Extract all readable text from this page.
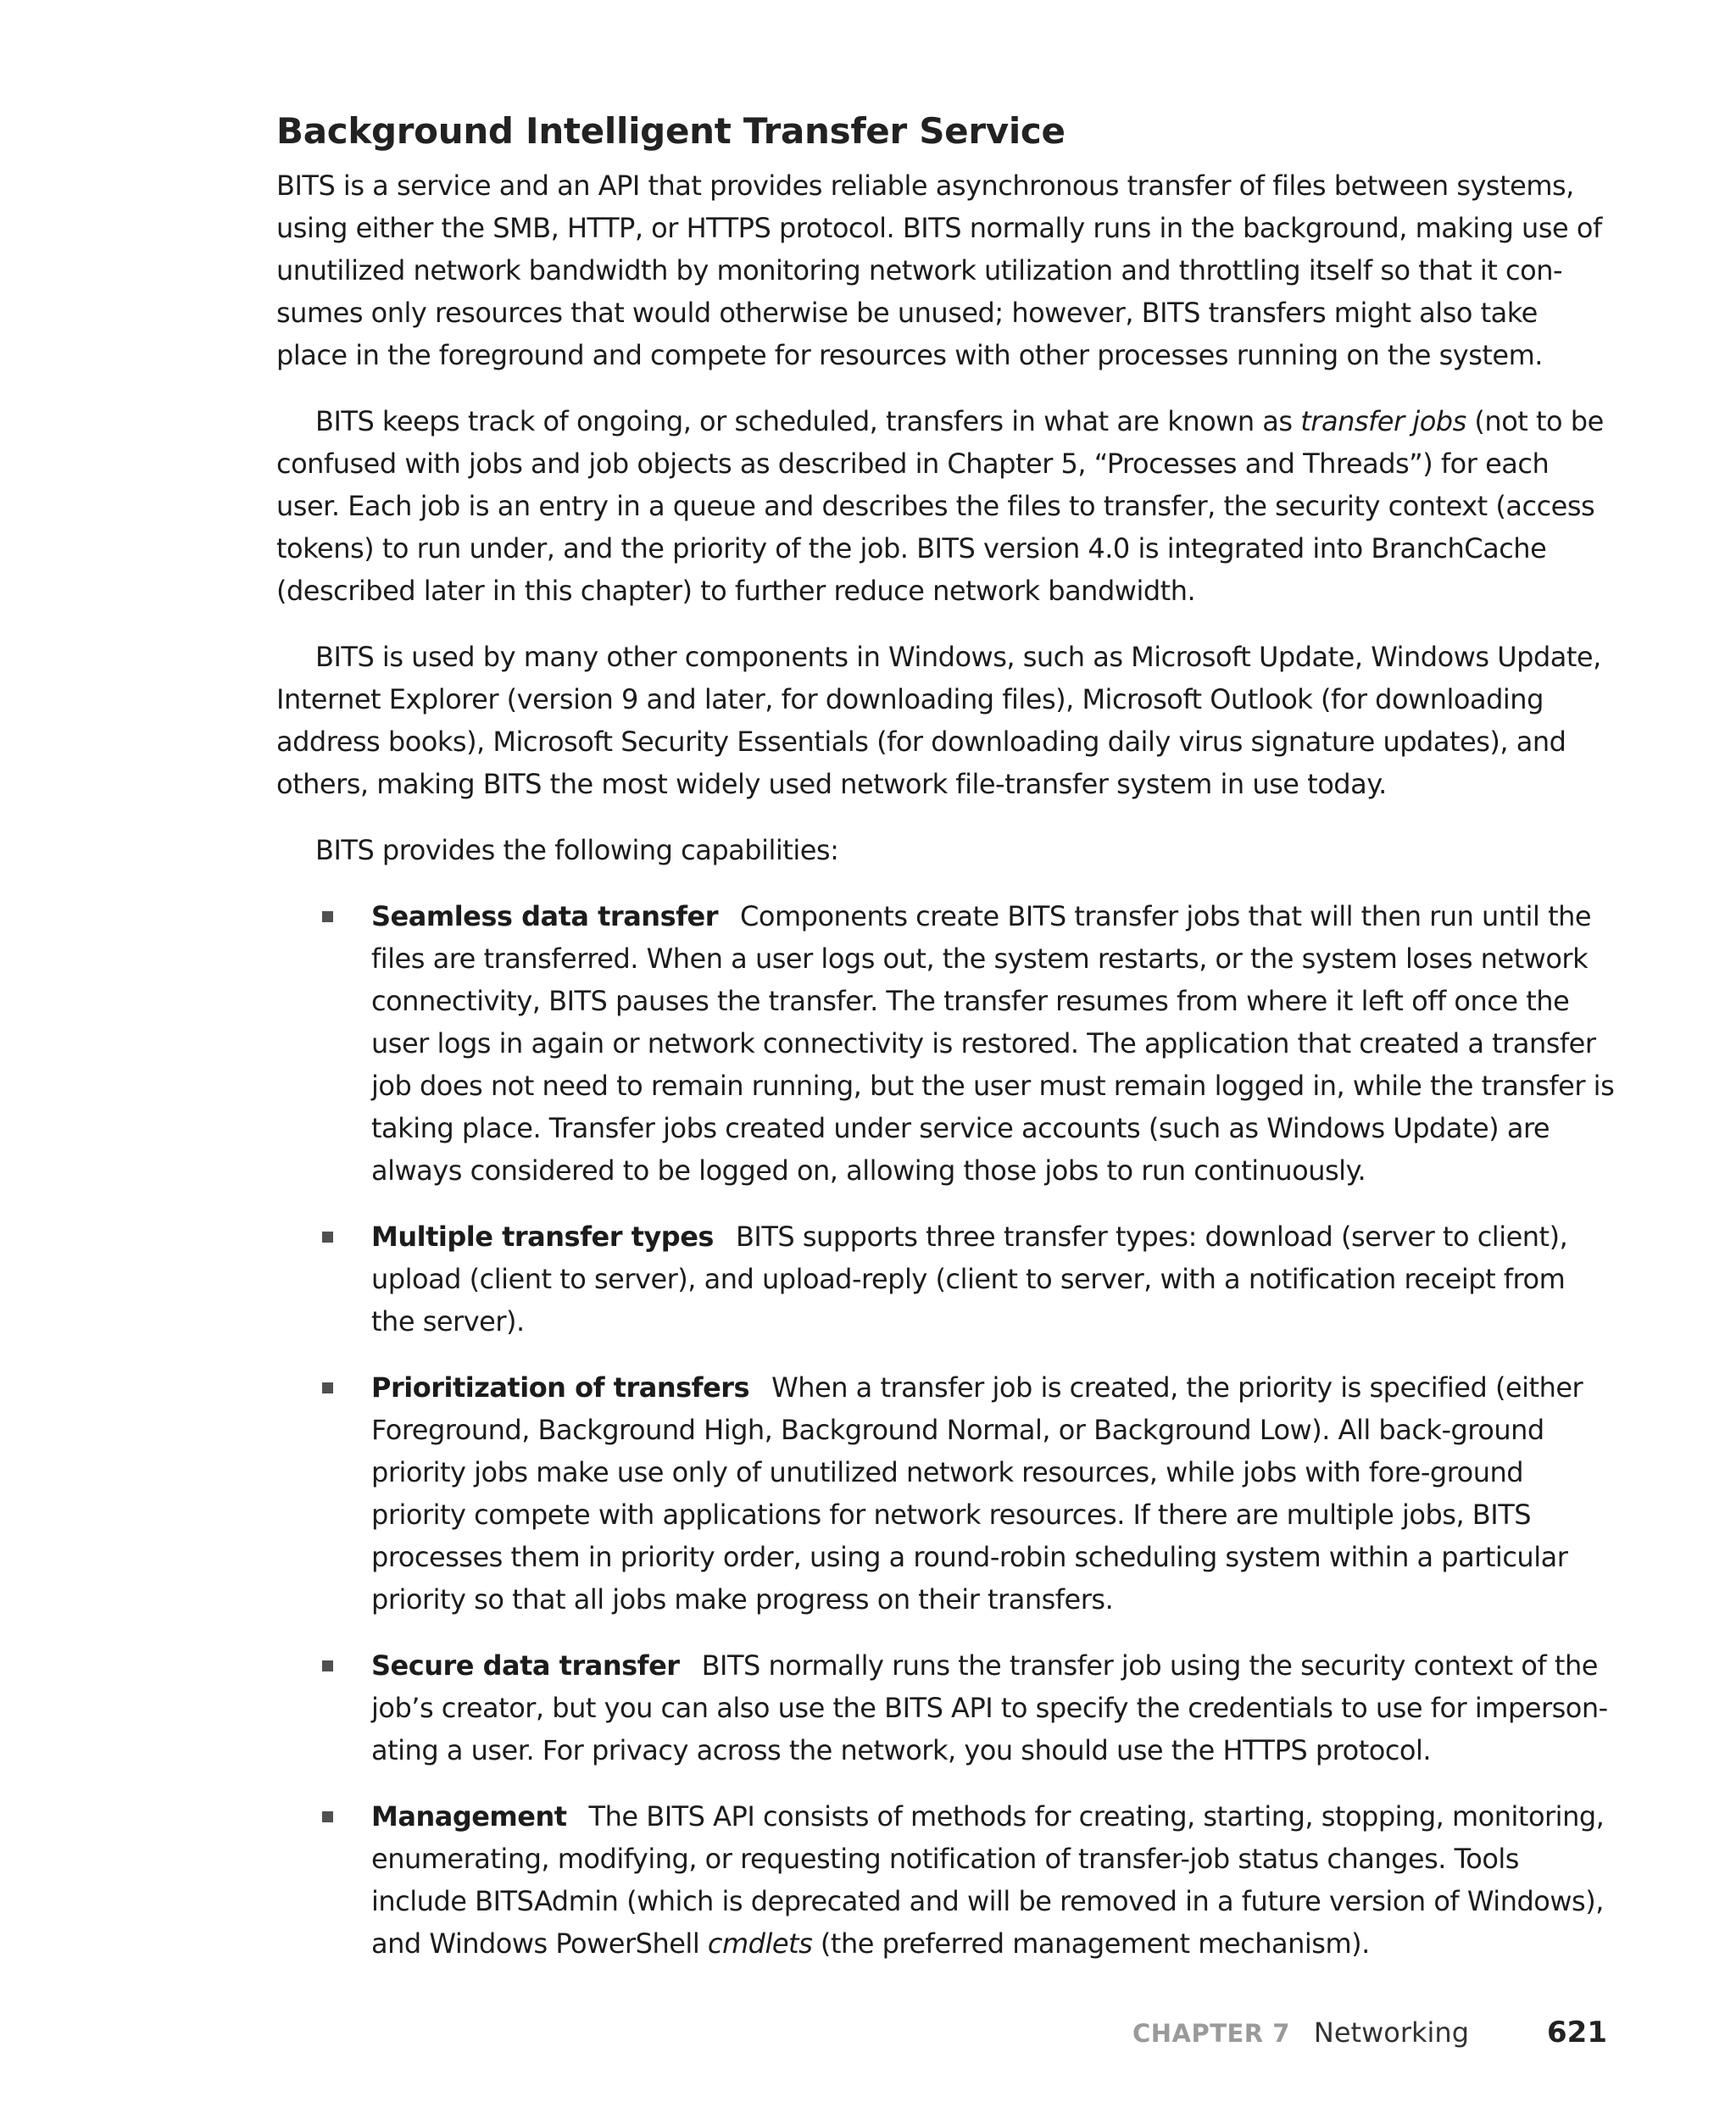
Background Intelligent Transfer Service

BITS is a service and an API that provides reliable asynchronous transfer of files between systems, using either the SMB, HTTP, or HTTPS protocol. BITS normally runs in the background, making use of unutilized network bandwidth by monitoring network utilization and throttling itself so that it con-sumes only resources that would otherwise be unused; however, BITS transfers might also take place in the foreground and compete for resources with other processes running on the system.

BITS keeps track of ongoing, or scheduled, transfers in what are known as transfer jobs (not to be confused with jobs and job objects as described in Chapter 5, “Processes and Threads”) for each user. Each job is an entry in a queue and describes the files to transfer, the security context (access tokens) to run under, and the priority of the job. BITS version 4.0 is integrated into BranchCache (described later in this chapter) to further reduce network bandwidth.

BITS is used by many other components in Windows, such as Microsoft Update, Windows Update, Internet Explorer (version 9 and later, for downloading files), Microsoft Outlook (for downloading address books), Microsoft Security Essentials (for downloading daily virus signature updates), and others, making BITS the most widely used network file-transfer system in use today.

BITS provides the following capabilities:

Seamless data transfer Components create BITS transfer jobs that will then run until the files are transferred. When a user logs out, the system restarts, or the system loses network connectivity, BITS pauses the transfer. The transfer resumes from where it left off once the user logs in again or network connectivity is restored. The application that created a transfer job does not need to remain running, but the user must remain logged in, while the transfer is taking place. Transfer jobs created under service accounts (such as Windows Update) are always considered to be logged on, allowing those jobs to run continuously.
Multiple transfer types BITS supports three transfer types: download (server to client), upload (client to server), and upload-reply (client to server, with a notification receipt from the server).
Prioritization of transfers When a transfer job is created, the priority is specified (either Foreground, Background High, Background Normal, or Background Low). All back-ground priority jobs make use only of unutilized network resources, while jobs with fore-ground priority compete with applications for network resources. If there are multiple jobs, BITS processes them in priority order, using a round-robin scheduling system within a particular priority so that all jobs make progress on their transfers.
Secure data transfer BITS normally runs the transfer job using the security context of the job’s creator, but you can also use the BITS API to specify the credentials to use for imperson-ating a user. For privacy across the network, you should use the HTTPS protocol.
Management The BITS API consists of methods for creating, starting, stopping, monitoring, enumerating, modifying, or requesting notification of transfer-job status changes. Tools include BITSAdmin (which is deprecated and will be removed in a future version of Windows), and Windows PowerShell cmdlets (the preferred management mechanism).
CHAPTER 7 Networking	621
